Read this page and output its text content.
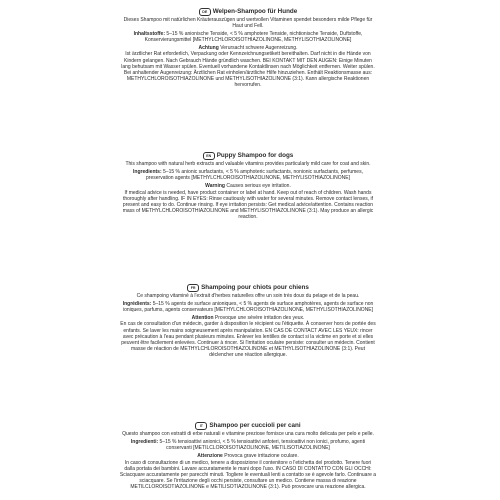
DE Welpen-Shampoo für Hunde

Dieses Shampoo mit natürlichen Kräuterauszügen und wertvollen Vitaminen spendet besonders milde Pflege für Haut und Fell.

Inhaltsstoffe: 5–15 % anionische Tenside, < 5 % amphotere Tenside, nichtionische Tenside, Duftstoffe, Konservierungsmittel [METHYLCHLOROISOTHIAZOLINONE, METHYLISOTHIAZOLINONE]

Achtung Verursacht schwere Augenreizung.

Ist ärztlicher Rat erforderlich, Verpackung oder Kennzeichnungsetikett bereithalten. Darf nicht in die Hände von Kindern gelangen. Nach Gebrauch Hände gründlich waschen. BEI KONTAKT MIT DEN AUGEN: Einige Minuten lang behutsam mit Wasser spülen. Eventuell vorhandene Kontaktlinsen nach Möglichkeit entfernen. Weiter spülen. Bei anhaltender Augenreizung: Ärztlichen Rat einholen/ärztliche Hilfe hinzuziehen. Enthält Reaktionsmasse aus: METHYLCHLOROISOTHIAZOLINONE und METHYLISOTHIAZOLINONE (3:1). Kann allergische Reaktionen hervorrufen.

EN Puppy Shampoo for dogs

This shampoo with natural herb extracts and valuable vitamins provides particularly mild care for coat and skin.

Ingredients: 5–15 % anionic surfactants, < 5 % amphoteric surfactants, nonionic surfactants, perfumes, preservation agents [METHYLCHLOROISOTHIAZOLINONE, METHYLISOTHIAZOLINONE]

Warning Causes serious eye irritation.

If medical advice is needed, have product container or label at hand. Keep out of reach of children. Wash hands thoroughly after handling. IF IN EYES: Rinse cautiously with water for several minutes. Remove contact lenses, if present and easy to do. Continue rinsing. If eye irritation persists: Get medical advice/attention. Contains reaction mass of METHYLCHLOROISOTHIAZOLINONE and METHYLISOTHIAZOLINONE (3:1). May produce an allergic reaction.

FR Shampoing pour chiots pour chiens

Ce shampoing vitaminé à l'extrait d'herbes naturelles offre un soin très doux du pelage et de la peau.

Ingrédients: 5–15 % agents de surface anioniques, < 5 % agents de surface amphotères, agents de surface non ioniques, parfums, agents conservateurs [METHYLCHLOROISOTHIAZOLINONE, METHYLISOTHIAZOLINONE]

Attention Provoque une sévère irritation des yeux.

En cas de consultation d'un médecin, garder à disposition le récipient ou l'étiquette. À conserver hors de portée des enfants. Se laver les mains soigneusement après manipulation. EN CAS DE CONTACT AVEC LES YEUX: rincer avec précaution à l'eau pendant plusieurs minutes. Enlever les lentilles de contact si la victime en porte et si elles peuvent être facilement enlevées. Continuer à rincer. Si l'irritation oculaire persiste: consulter un médecin. Contient masse de réaction de METHYLCHLOROISOTHIAZOLINONE et METHYLISOTHIAZOLINONE (3:1). Peut déclencher une réaction allergique.

IT	Shampoo per cuccioli per cani

Questo shampoo con estratti di erbe naturali e vitamine preziose fornisce una cura molto delicata per pelo e pelle.

Ingredienti: 5–15 % tensioattivi anionici, < 5 % tensioattivi anfoteri, tensioattivi non ionici, profumo, agenti conservanti [METILCLOROISOTIAZOLINONE, METILISOTIAZOLINONE]

Attenzione Provoca grave irritazione oculare.

In caso di consultazione di un medico, tenere a disposizione il contenitore o l'etichetta del prodotto. Tenere fuori dalla portata dei bambini. Lavare accuratamente le mani dopo l'uso. IN CASO DI CONTATTO CON GLI OCCHI: Sciacquare accuratamente per parecchi minuti. Togliere le eventuali lenti a contatto se è agevole farlo. Continuare a sciacquare. Se l'irritazione degli occhi persiste, consultare un medico. Contiene massa di reazione METILCLOROISOTIAZOLINONE e METILISOTIAZOLINONE (3:1). Può provocare una reazione allergica.
